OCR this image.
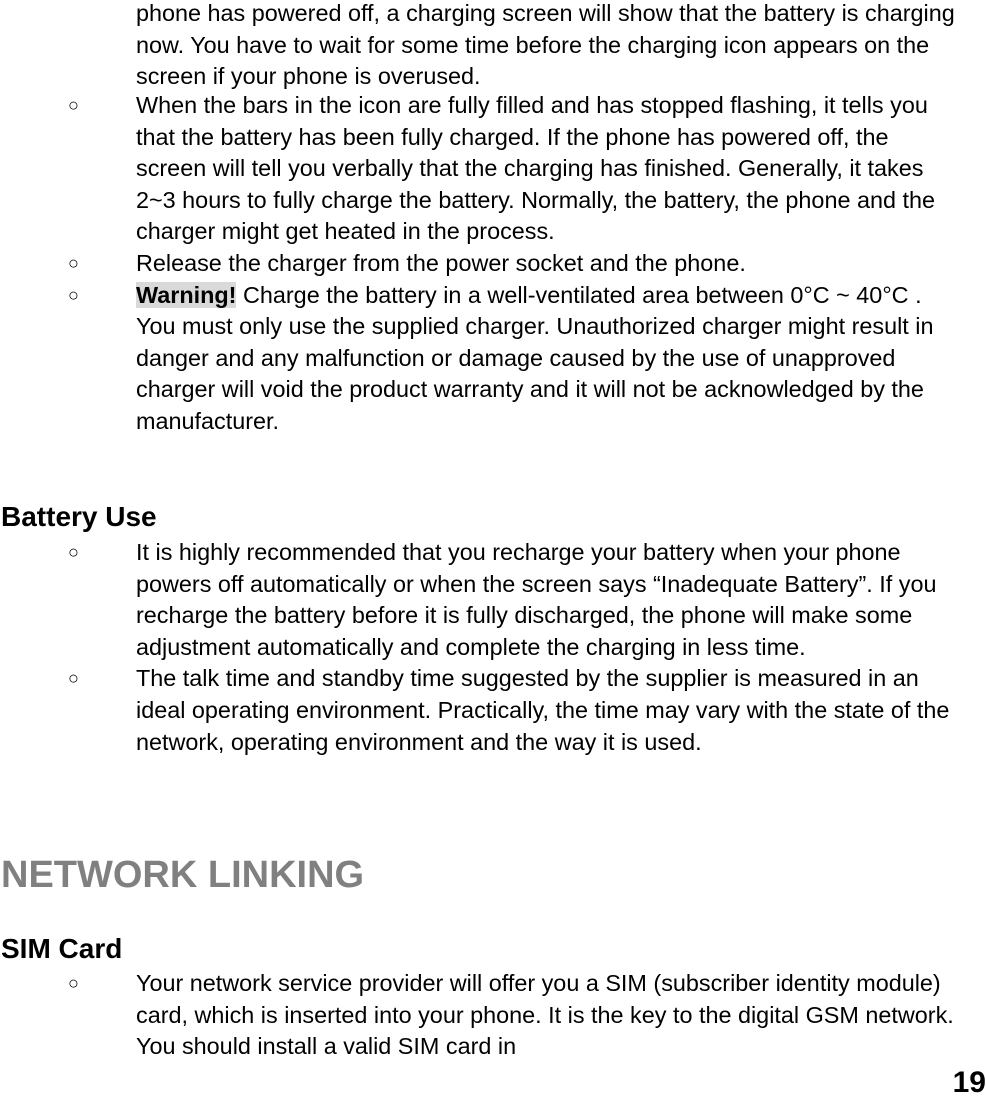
phone has powered off, a charging screen will show that the battery is charging now. You have to wait for some time before the charging icon appears on the screen if your phone is overused.

○ When the bars in the icon are fully filled and has stopped flashing, it tells you that the battery has been fully charged. If the phone has powered off, the screen will tell you verbally that the charging has finished. Generally, it takes 2~3 hours to fully charge the battery. Normally, the battery, the phone and the charger might get heated in the process.
○ Release the charger from the power socket and the phone.
○ Warning! Charge the battery in a well-ventilated area between 0°C ~ 40°C . You must only use the supplied charger. Unauthorized charger might result in danger and any malfunction or damage caused by the use of unapproved charger will void the product warranty and it will not be acknowledged by the manufacturer.
Battery Use
○ It is highly recommended that you recharge your battery when your phone powers off automatically or when the screen says “Inadequate Battery”. If you recharge the battery before it is fully discharged, the phone will make some adjustment automatically and complete the charging in less time.
○ The talk time and standby time suggested by the supplier is measured in an ideal operating environment. Practically, the time may vary with the state of the network, operating environment and the way it is used.
NETWORK LINKING
SIM Card
○ Your network service provider will offer you a SIM (subscriber identity module) card, which is inserted into your phone. It is the key to the digital GSM network. You should install a valid SIM card in
19
